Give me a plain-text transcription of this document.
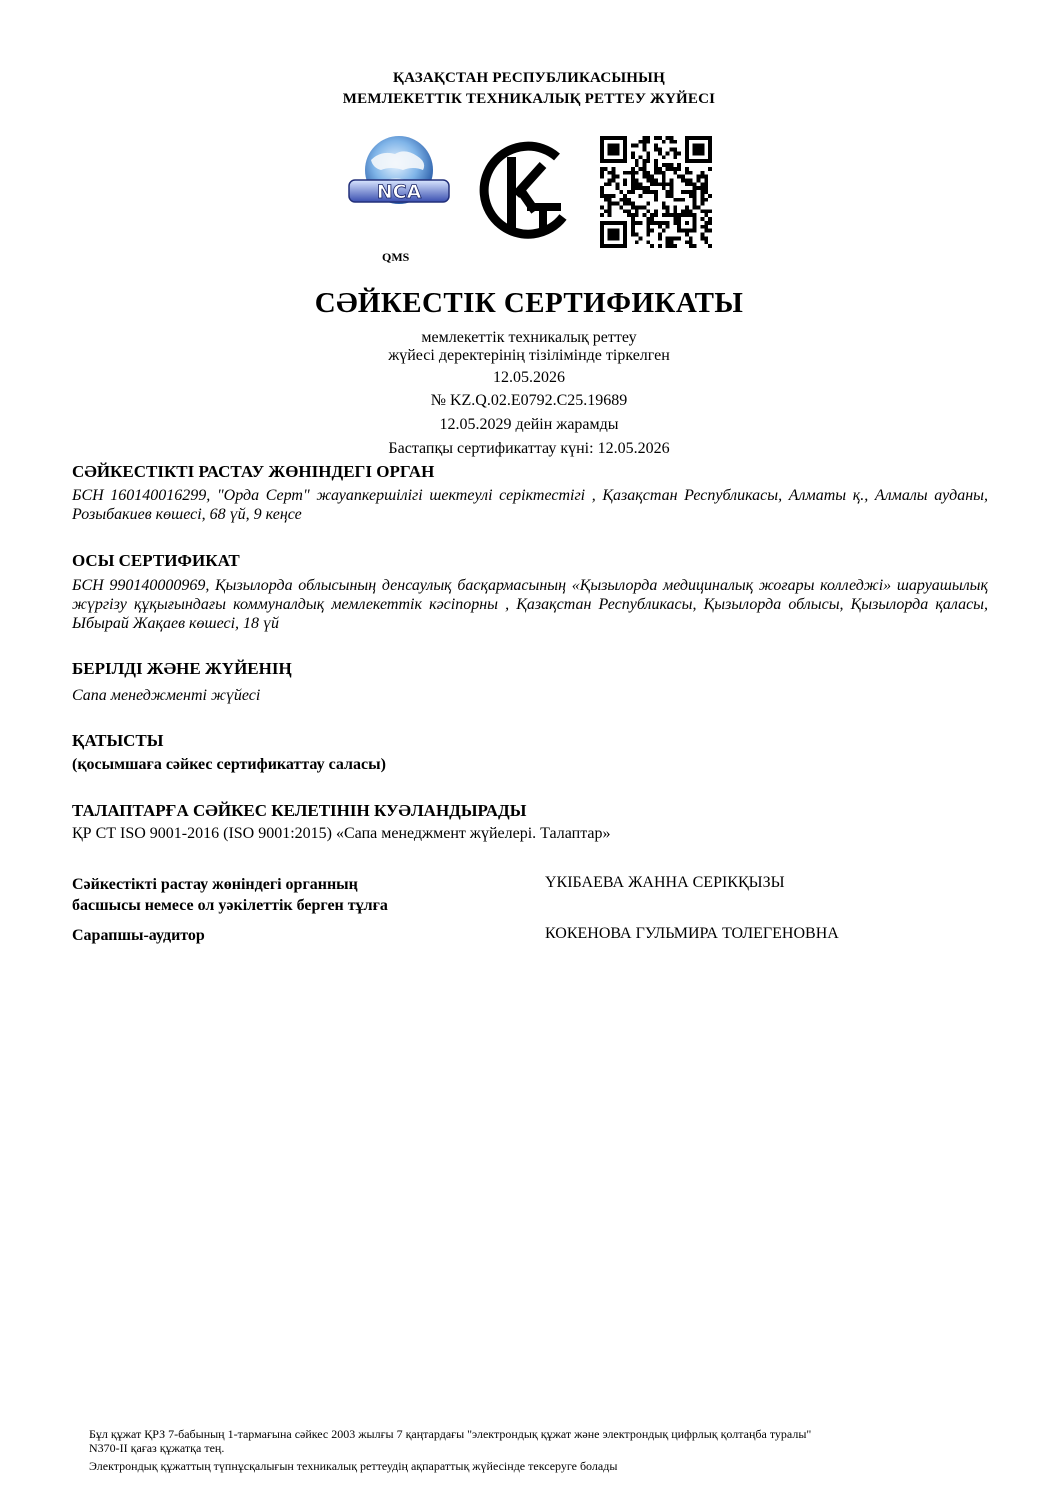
ҚАЗАҚСТАН РЕСПУБЛИКАСЫНЫҢ
МЕМЛЕКЕТТІК ТЕХНИКАЛЫҚ РЕТТЕУ ЖҮЙЕСІ
NCA
QMS
СӘЙКЕСТІК СЕРТИФИКАТЫ
мемлекеттік техникалық реттеу
жүйесі деректерінің тізілімінде тіркелген
12.05.2026
№ KZ.Q.02.E0792.C25.19689
12.05.2029 дейін жарамды
Бастапқы сертификаттау күні: 12.05.2026
СӘЙКЕСТІКТІ РАСТАУ ЖӨНІНДЕГІ ОРГАН
БСН 160140016299, "Орда Серт" жауапкершілігі шектеулі серіктестігі , Қазақстан Республикасы, Алматы қ., Алмалы ауданы, Розыбакиев көшесі, 68 үй, 9 кеңсе
ОСЫ СЕРТИФИКАТ
БСН 990140000969, Қызылорда облысының денсаулық басқармасының «Қызылорда медициналық жоғары колледжі» шаруашылық жүргізу құқығындағы коммуналдық мемлекеттік кәсіпорны , Қазақстан Республикасы, Қызылорда облысы, Қызылорда қаласы, Ыбырай Жақаев көшесі, 18 үй
БЕРІЛДІ ЖӘНЕ ЖҮЙЕНІҢ
Сапа менеджменті жүйесі
ҚАТЫСТЫ
(қосымшаға сәйкес сертификаттау саласы)
ТАЛАПТАРҒА СӘЙКЕС КЕЛЕТІНІН КУӘЛАНДЫРАДЫ
ҚР СТ ISO 9001-2016 (ISO 9001:2015) «Сапа менеджмент жүйелері. Талаптар»
Сәйкестікті растау жөніндегі органның
басшысы немесе ол уәкілеттік берген тұлға
ҮКІБАЕВА ЖАННА СЕРІКҚЫЗЫ
Сарапшы-аудитор	КОКЕНОВА ГУЛЬМИРА ТОЛЕГЕНОВНА
Бұл құжат ҚРЗ 7-бабының 1-тармағына сәйкес 2003 жылғы 7 қаңтардағы "электрондық құжат және электрондық цифрлық қолтаңба туралы"
N370-II қағаз құжатқа тең.
Электрондық құжаттың түпнұсқалығын техникалық реттеудің ақпараттық жүйесінде тексеруге болады
